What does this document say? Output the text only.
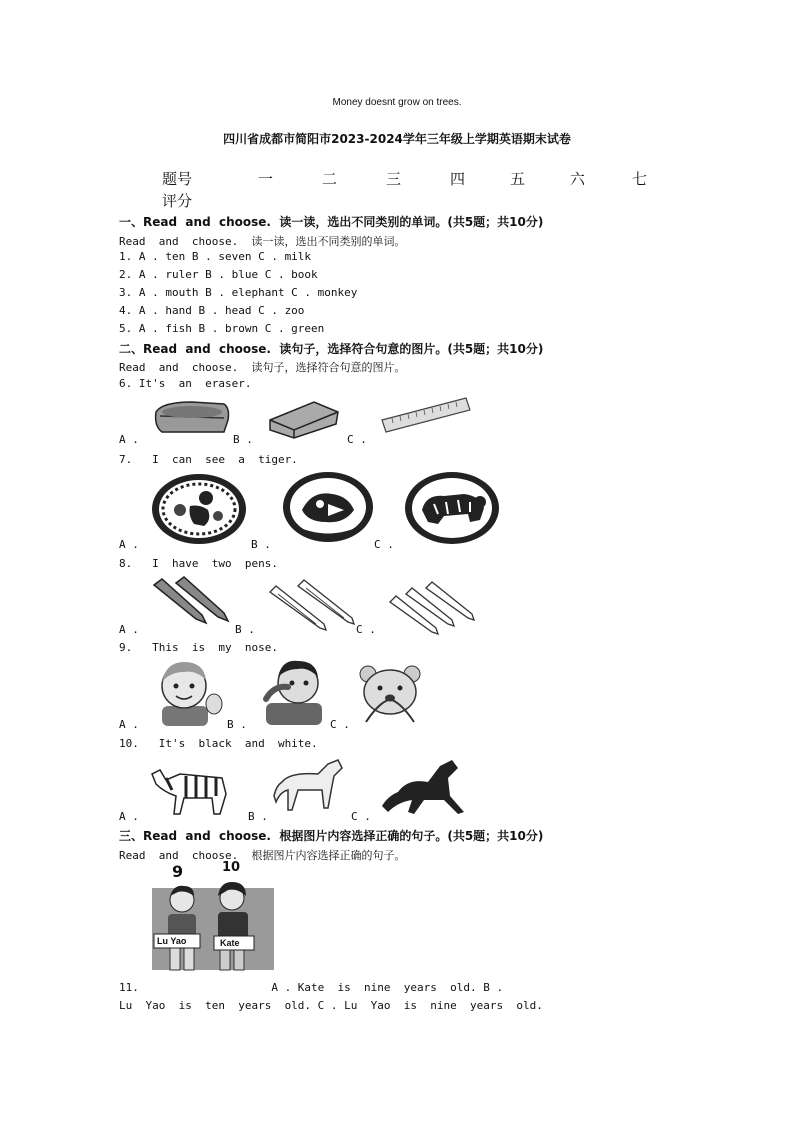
Money doesnt grow on trees.
四川省成都市简阳市2023-2024学年三年级上学期英语期末试卷
题号	一	二	三	四	五	六	七
评分
一、Read  and  choose.  读一读，选出不同类别的单词。(共5题；共10分)
Read  and  choose.  读一读，选出不同类别的单词。
1. A . ten B . seven C . milk
2. A . ruler B . blue C . book
3. A . mouth B . elephant C . monkey
4. A . hand B . head C . zoo
5. A . fish B . brown C . green
二、Read  and  choose.  读句子，选择符合句意的图片。(共5题；共10分)
Read  and  choose.  读句子，选择符合句意的图片。
6. It's  an  eraser.
A .	B .	C .
7.   I  can  see  a  tiger.
A .	B .	C .
8.   I  have  two  pens.
A .	B .	C .
9.   This  is  my  nose.
A .	B .	C .
10.   It's  black  and  white.
A .	B .	C .
三、Read  and  choose.  根据图片内容选择正确的句子。(共5题；共10分)
Read  and  choose.  根据图片内容选择正确的句子。
9	10
Lu Yao	Kate
11.                    A . Kate  is  nine  years  old. B .
Lu  Yao  is  ten  years  old. C . Lu  Yao  is  nine  years  old.
